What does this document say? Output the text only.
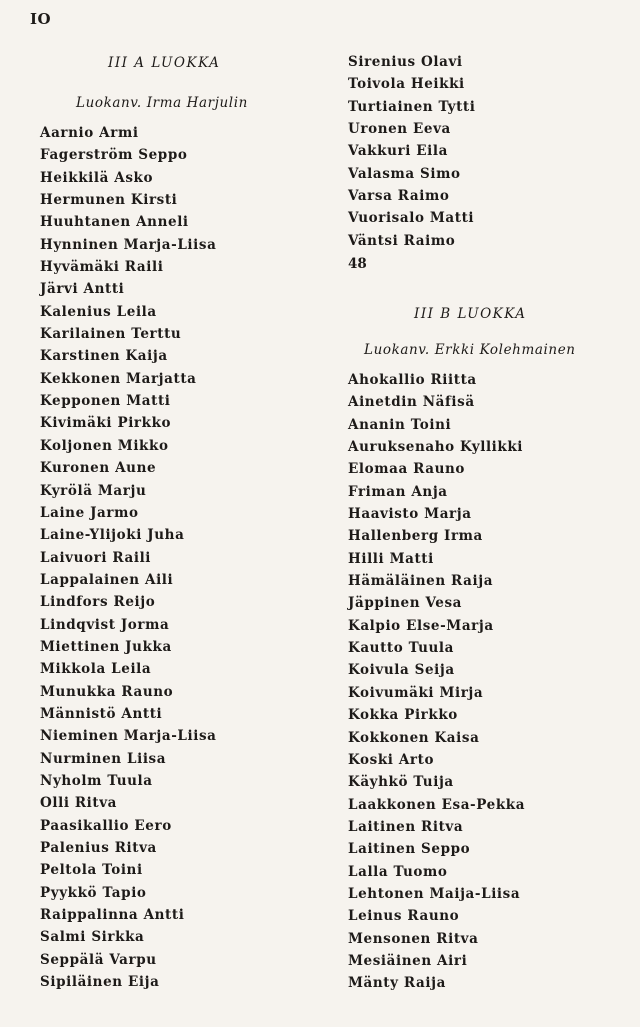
IO
III A LUOKKA
Luokanv. Irma Harjulin
Aarnio Armi
Fagerström Seppo
Heikkilä Asko
Hermunen Kirsti
Huuhtanen Anneli
Hynninen Marja-Liisa
Hyvämäki Raili
Järvi Antti
Kalenius Leila
Karilainen Terttu
Karstinen Kaija
Kekkonen Marjatta
Kepponen Matti
Kivimäki Pirkko
Koljonen Mikko
Kuronen Aune
Kyrölä Marju
Laine Jarmo
Laine-Ylijoki Juha
Laivuori Raili
Lappalainen Aili
Lindfors Reijo
Lindqvist Jorma
Miettinen Jukka
Mikkola Leila
Munukka Rauno
Männistö Antti
Nieminen Marja-Liisa
Nurminen Liisa
Nyholm Tuula
Olli Ritva
Paasikallio Eero
Palenius Ritva
Peltola Toini
Pyykkö Tapio
Raippalinna Antti
Salmi Sirkka
Seppälä Varpu
Sipiläinen Eija
Sirenius Olavi
Toivola Heikki
Turtiainen Tytti
Uronen Eeva
Vakkuri Eila
Valasma Simo
Varsa Raimo
Vuorisalo Matti
Väntsi Raimo
48
III B LUOKKA
Luokanv. Erkki Kolehmainen
Ahokallio Riitta
Ainetdin Näfisä
Ananin Toini
Auruksenaho Kyllikki
Elomaa Rauno
Friman Anja
Haavisto Marja
Hallenberg Irma
Hilli Matti
Hämäläinen Raija
Jäppinen Vesa
Kalpio Else-Marja
Kautto Tuula
Koivula Seija
Koivumäki Mirja
Kokka Pirkko
Kokkonen Kaisa
Koski Arto
Käyhkö Tuija
Laakkonen Esa-Pekka
Laitinen Ritva
Laitinen Seppo
Lalla Tuomo
Lehtonen Maija-Liisa
Leinus Rauno
Mensonen Ritva
Mesiäinen Airi
Mänty Raija
